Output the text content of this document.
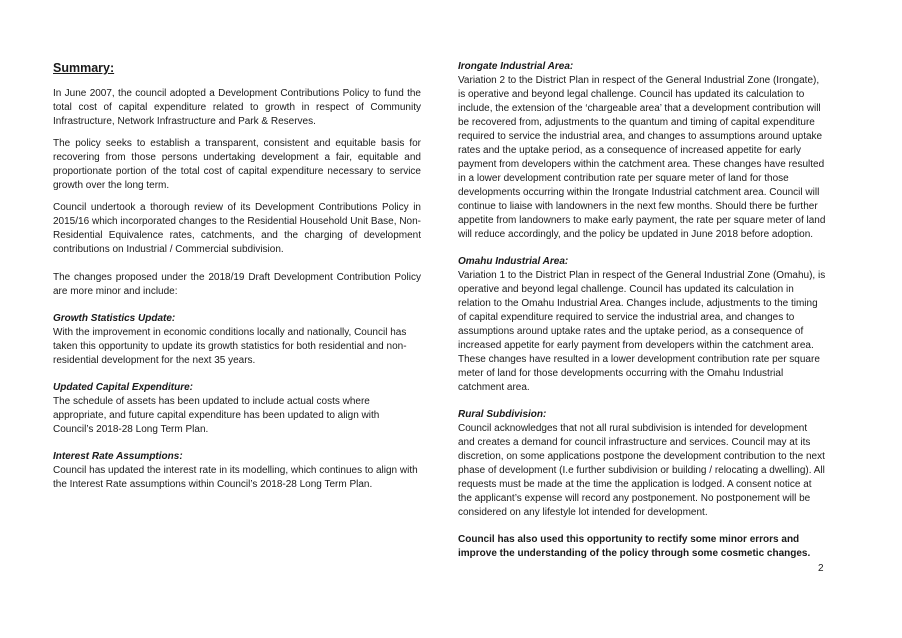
Summary:

In June 2007, the council adopted a Development Contributions Policy to fund the total cost of capital expenditure related to growth in respect of Community Infrastructure, Network Infrastructure and Park & Reserves.

The policy seeks to establish a transparent, consistent and equitable basis for recovering from those persons undertaking development a fair, equitable and proportionate portion of the total cost of capital expenditure necessary to service growth over the long term.

Council undertook a thorough review of its Development Contributions Policy in 2015/16 which incorporated changes to the Residential Household Unit Base, Non-Residential Equivalence rates, catchments, and the charging of development contributions on Industrial / Commercial subdivision.

The changes proposed under the 2018/19 Draft Development Contribution Policy are more minor and include:

Growth Statistics Update:

With the improvement in economic conditions locally and nationally, Council has taken this opportunity to update its growth statistics for both residential and non-residential development for the next 35 years.

Updated Capital Expenditure:

The schedule of assets has been updated to include actual costs where appropriate, and future capital expenditure has been updated to align with Council’s 2018-28 Long Term Plan.

Interest Rate Assumptions:

Council has updated the interest rate in its modelling, which continues to align with the Interest Rate assumptions within Council’s 2018-28 Long Term Plan.

Irongate Industrial Area:

Variation 2 to the District Plan in respect of the General Industrial Zone (Irongate), is operative and beyond legal challenge. Council has updated its calculation to include, the extension of the ‘chargeable area’ that a development contribution will be recovered from, adjustments to the quantum and timing of capital expenditure required to service the industrial area, and changes to assumptions around uptake rates and the uptake period, as a consequence of increased appetite for early payment from developers within the catchment area. These changes have resulted in a lower development contribution rate per square meter of land for those developments occurring within the Irongate Industrial catchment area. Council will continue to liaise with landowners in the next few months. Should there be further appetite from landowners to make early payment, the rate per square meter of land will reduce accordingly, and the policy be updated in June 2018 before adoption.

Omahu Industrial Area:

Variation 1 to the District Plan in respect of the General Industrial Zone (Omahu), is operative and beyond legal challenge. Council has updated its calculation in relation to the Omahu Industrial Area. Changes include, adjustments to the timing of capital expenditure required to service the industrial area, and changes to assumptions around uptake rates and the uptake period, as a consequence of increased appetite for early payment from developers within the catchment area. These changes have resulted in a lower development contribution rate per square meter of land for those developments occurring with the Omahu Industrial catchment area.

Rural Subdivision:

Council acknowledges that not all rural subdivision is intended for development and creates a demand for council infrastructure and services. Council may at its discretion, on some applications postpone the development contribution to the next phase of development (I.e further subdivision or building / relocating a dwelling). All requests must be made at the time the application is lodged. A consent notice at the applicant’s expense will record any postponement. No postponement will be considered on any lifestyle lot intended for development.

Council has also used this opportunity to rectify some minor errors and improve the understanding of the policy through some cosmetic changes.

2
